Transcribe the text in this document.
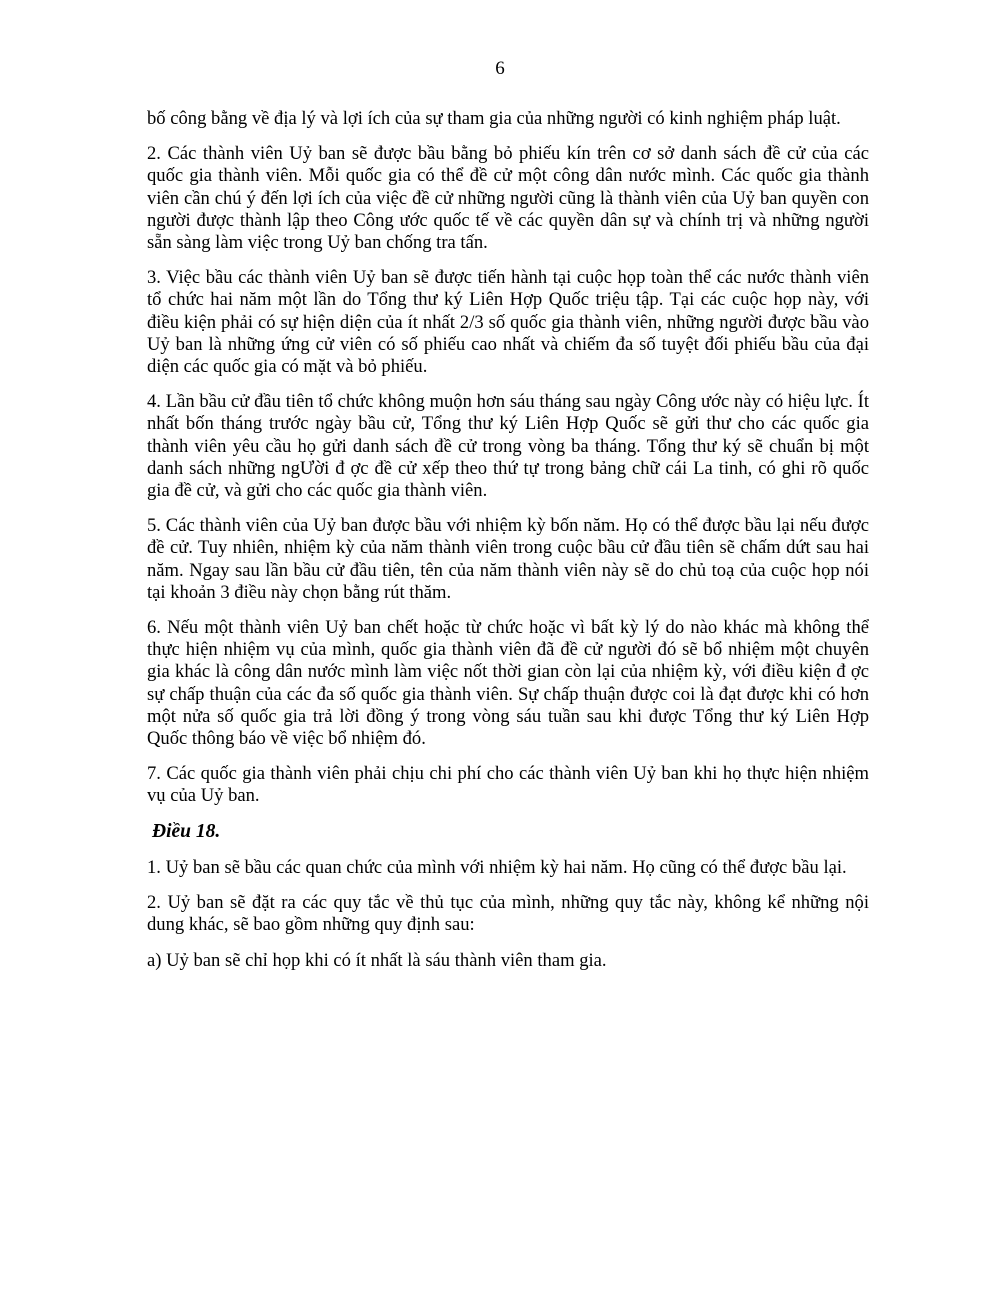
6

bố công bằng về địa lý và lợi ích của sự tham gia của những người có kinh nghiệm pháp luật.

2. Các thành viên Uỷ ban sẽ được bầu bằng bỏ phiếu kín trên cơ sở danh sách đề cử của các quốc gia thành viên. Mỗi quốc gia có thể đề cử một công dân nước mình. Các quốc gia thành viên cần chú ý đến lợi ích của việc đề cử những người cũng là thành viên của Uỷ ban quyền con người được thành lập theo Công ước quốc tế về các quyền dân sự và chính trị và những người sẵn sàng làm việc trong Uỷ ban chống tra tấn.

3. Việc bầu các thành viên Uỷ ban sẽ được tiến hành tại cuộc họp toàn thể các nước thành viên tổ chức hai năm một lần do Tổng thư ký Liên Hợp Quốc triệu tập. Tại các cuộc họp này, với điều kiện phải có sự hiện diện của ít nhất 2/3 số quốc gia thành viên, những người được bầu vào Uỷ ban là những ứng cử viên có số phiếu cao nhất và chiếm đa số tuyệt đối phiếu bầu của đại diện các quốc gia có mặt và bỏ phiếu.

4. Lần bầu cử đầu tiên tổ chức không muộn hơn sáu tháng sau ngày Công ước này có hiệu lực. Ít nhất bốn tháng trước ngày bầu cử, Tổng thư ký Liên Hợp Quốc sẽ gửi thư cho các quốc gia thành viên yêu cầu họ gửi danh sách đề cử trong vòng ba tháng. Tổng thư ký sẽ chuẩn bị một danh sách những ngƯời đ ợc đề cử xếp theo thứ tự trong bảng chữ cái La tinh, có ghi rõ quốc gia đề cử, và gửi cho các quốc gia thành viên.

5. Các thành viên của Uỷ ban được bầu với nhiệm kỳ bốn năm. Họ có thể được bầu lại nếu được đề cử. Tuy nhiên, nhiệm kỳ của năm thành viên trong cuộc bầu cử đầu tiên sẽ chấm dứt sau hai năm. Ngay sau lần bầu cử đầu tiên, tên của năm thành viên này sẽ do chủ toạ của cuộc họp nói tại khoản 3 điều này chọn bằng rút thăm.

6. Nếu một thành viên Uỷ ban chết hoặc từ chức hoặc vì bất kỳ lý do nào khác mà không thể thực hiện nhiệm vụ của mình, quốc gia thành viên đã đề cử người đó sẽ bổ nhiệm một chuyên gia khác là công dân nước mình làm việc nốt thời gian còn lại của nhiệm kỳ, với điều kiện đ ợc sự chấp thuận của các đa số quốc gia thành viên. Sự chấp thuận được coi là đạt được khi có hơn một nửa số quốc gia trả lời đồng ý trong vòng sáu tuần sau khi được Tổng thư ký Liên Hợp Quốc thông báo về việc bổ nhiệm đó.

7. Các quốc gia thành viên phải chịu chi phí cho các thành viên Uỷ ban khi họ thực hiện nhiệm vụ của Uỷ ban.

Điều 18.

1. Uỷ ban sẽ bầu các quan chức của mình với nhiệm kỳ hai năm. Họ cũng có thể được bầu lại.

2. Uỷ ban sẽ đặt ra các quy tắc về thủ tục của mình, những quy tắc này, không kể những nội dung khác, sẽ bao gồm những quy định sau:

a) Uỷ ban sẽ chỉ họp khi có ít nhất là sáu thành viên tham gia.
